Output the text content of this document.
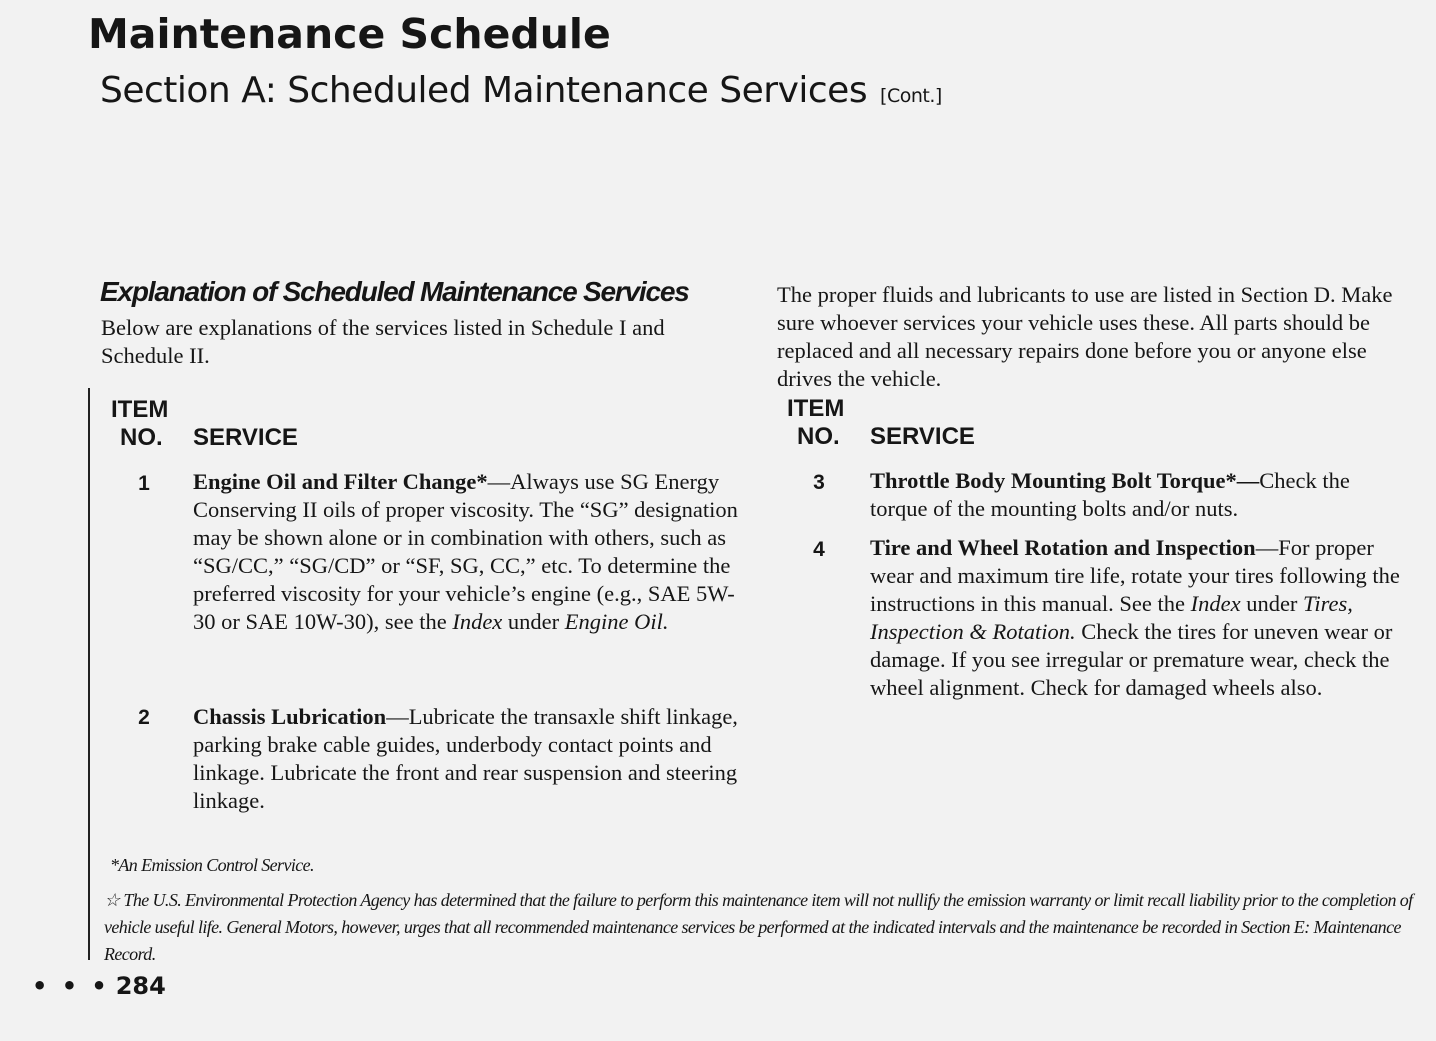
Maintenance Schedule
Section A: Scheduled Maintenance Services [Cont.]
Explanation of Scheduled Maintenance Services
Below are explanations of the services listed in Schedule I and Schedule II.
ITEM
NO. SERVICE
1	Engine Oil and Filter Change*—Always use SG Energy Conserving II oils of proper viscosity. The “SG” designation may be shown alone or in combination with others, such as “SG/CC,” “SG/CD” or “SF, SG, CC,” etc. To determine the preferred viscosity for your vehicle’s engine (e.g., SAE 5W-30 or SAE 10W-30), see the Index under Engine Oil.
2	Chassis Lubrication—Lubricate the transaxle shift linkage, parking brake cable guides, underbody contact points and linkage. Lubricate the front and rear suspension and steering linkage.
The proper fluids and lubricants to use are listed in Section D. Make sure whoever services your vehicle uses these. All parts should be replaced and all necessary repairs done before you or anyone else drives the vehicle.
ITEM
NO. SERVICE
3	Throttle Body Mounting Bolt Torque*—Check the torque of the mounting bolts and/or nuts.
4	Tire and Wheel Rotation and Inspection—For proper wear and maximum tire life, rotate your tires following the instructions in this manual. See the Index under Tires, Inspection & Rotation. Check the tires for uneven wear or damage. If you see irregular or premature wear, check the wheel alignment. Check for damaged wheels also.
*An Emission Control Service.
☆ The U.S. Environmental Protection Agency has determined that the failure to perform this maintenance item will not nullify the emission warranty or limit recall liability prior to the completion of vehicle useful life. General Motors, however, urges that all recommended maintenance services be performed at the indicated intervals and the maintenance be recorded in Section E: Maintenance Record.
• • • 284
